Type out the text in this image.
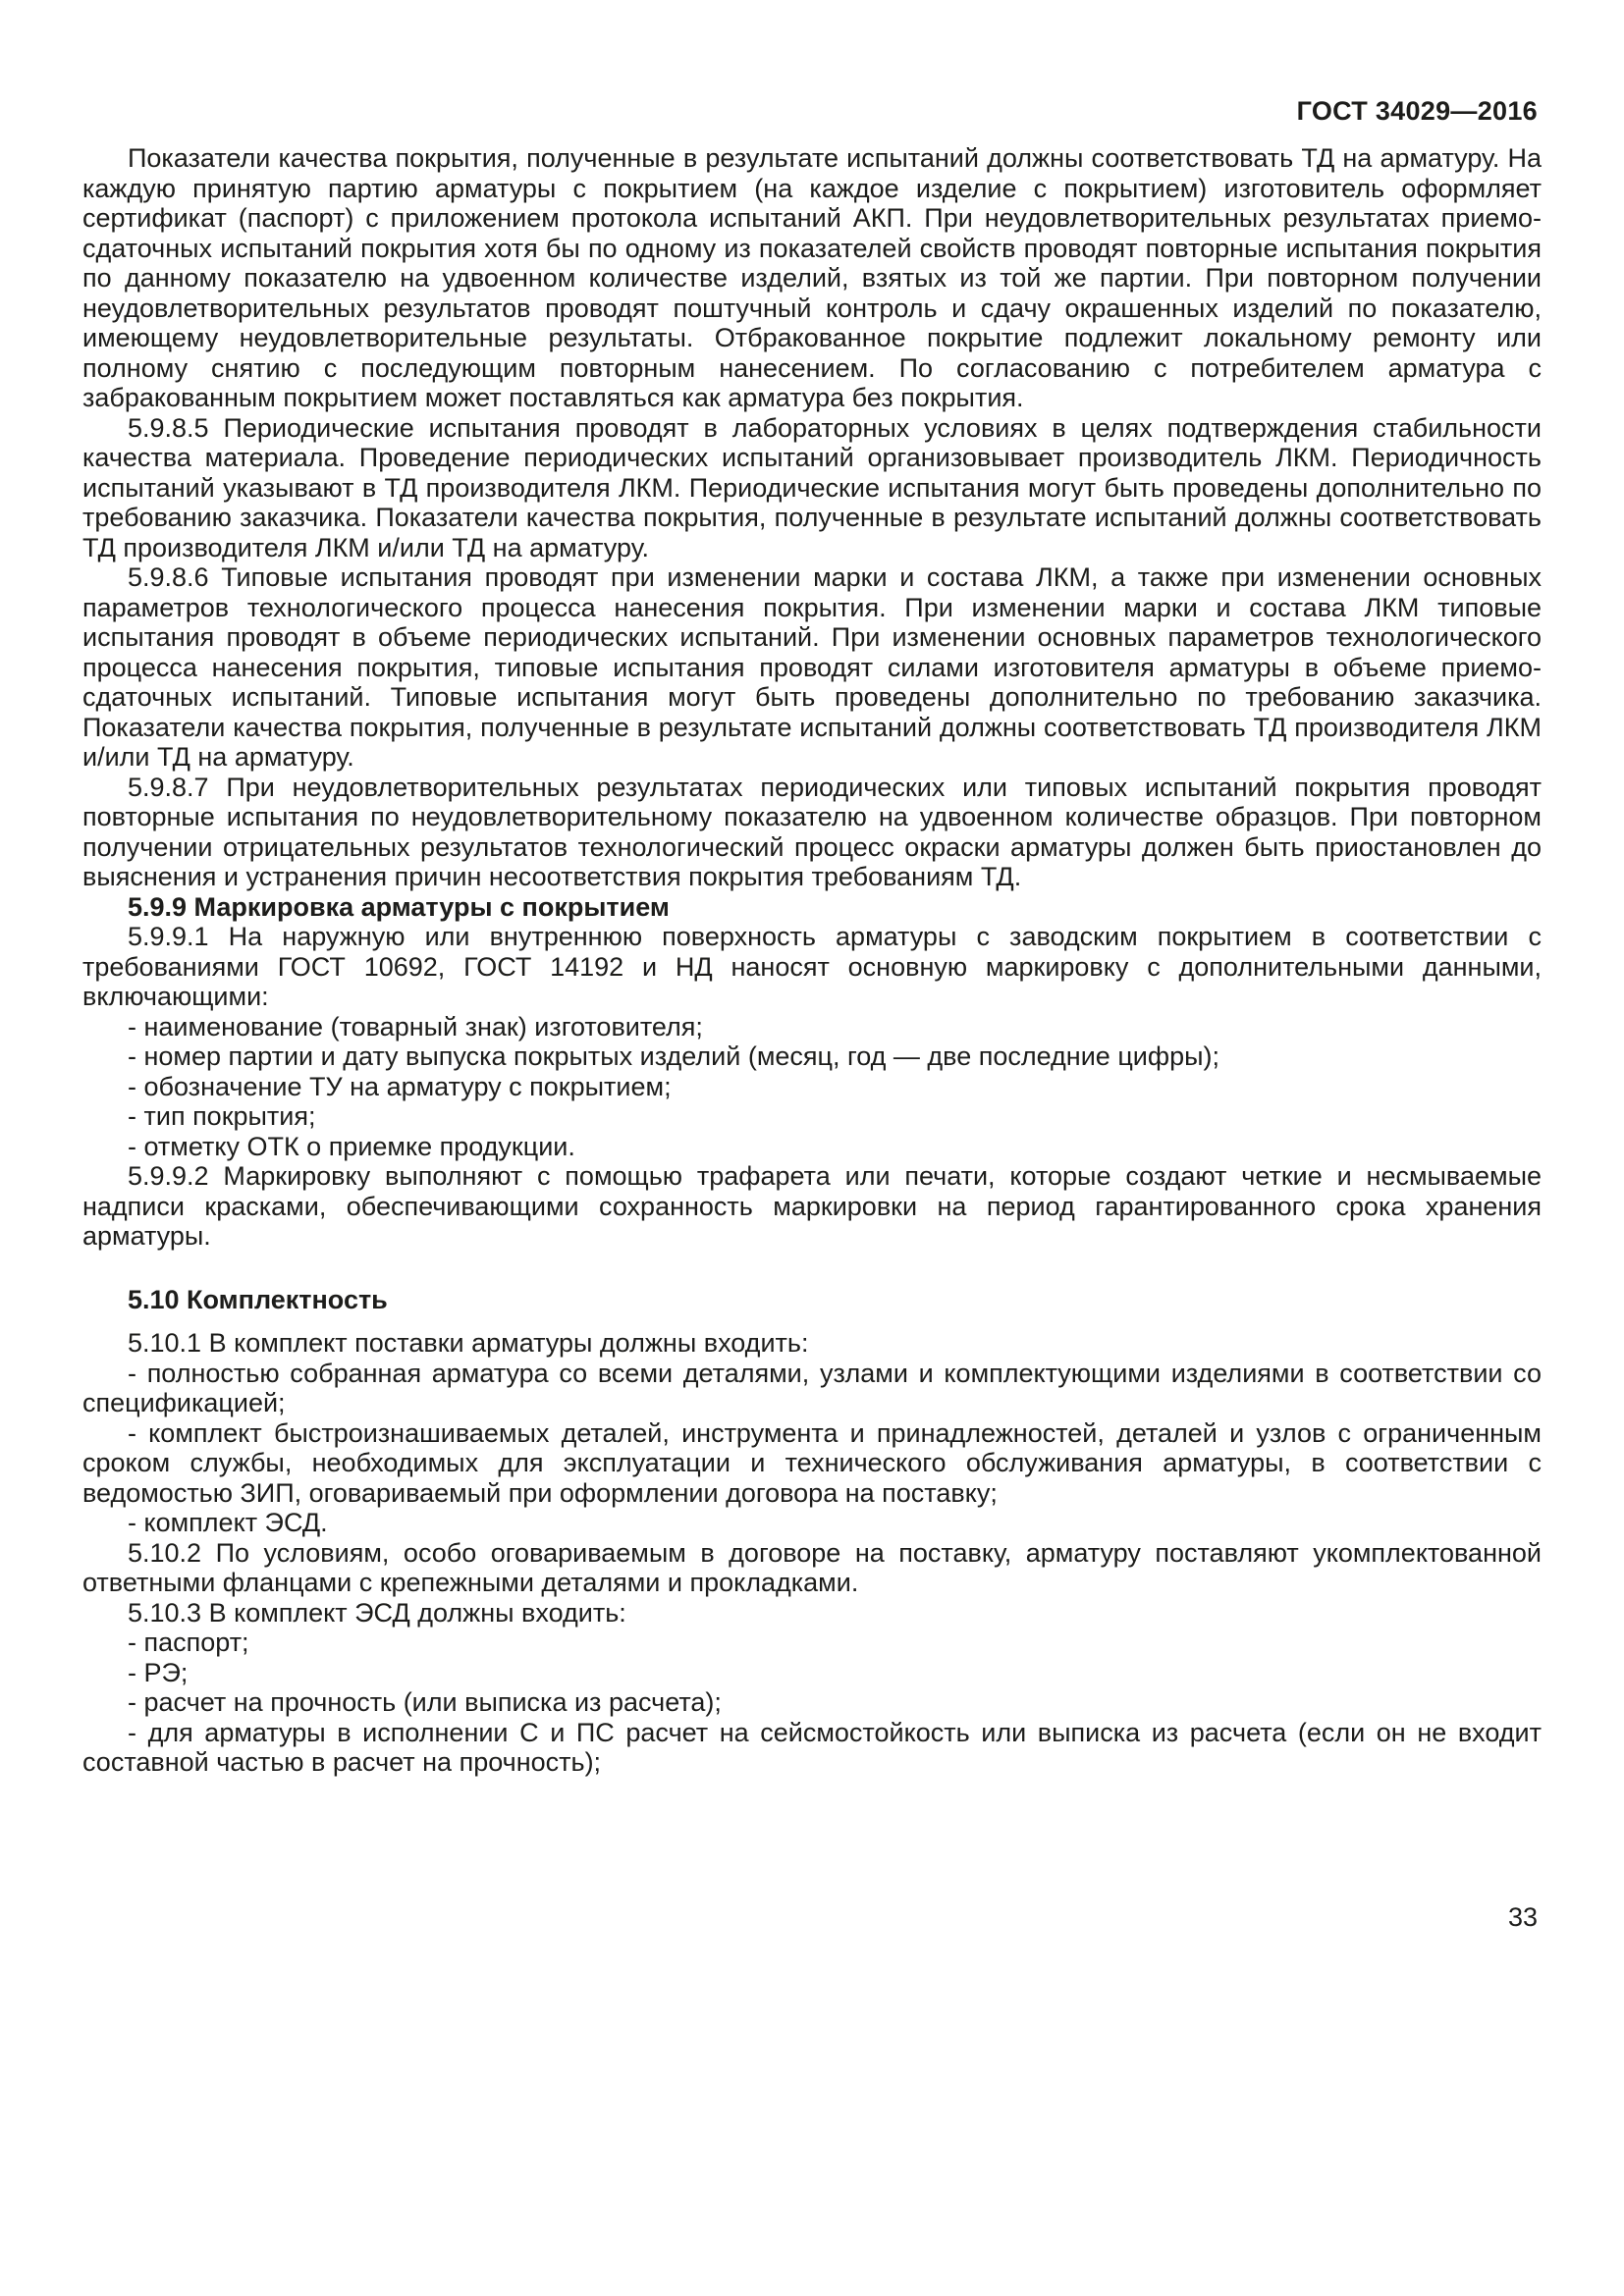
ГОСТ 34029—2016

Показатели качества покрытия, полученные в результате испытаний должны соответствовать ТД на арматуру. На каждую принятую партию арматуры с покрытием (на каждое изделие с покрытием) изготовитель оформляет сертификат (паспорт) с приложением протокола испытаний АКП. При неудовлетворительных результатах приемо-сдаточных испытаний покрытия хотя бы по одному из показателей свойств проводят повторные испытания покрытия по данному показателю на удвоенном количестве изделий, взятых из той же партии. При повторном получении неудовлетворительных результатов проводят поштучный контроль и сдачу окрашенных изделий по показателю, имеющему неудовлетворительные результаты. Отбракованное покрытие подлежит локальному ремонту или полному снятию с последующим повторным нанесением. По согласованию с потребителем арматура с забракованным покрытием может поставляться как арматура без покрытия.

5.9.8.5 Периодические испытания проводят в лабораторных условиях в целях подтверждения стабильности качества материала. Проведение периодических испытаний организовывает производитель ЛКМ. Периодичность испытаний указывают в ТД производителя ЛКМ. Периодические испытания могут быть проведены дополнительно по требованию заказчика. Показатели качества покрытия, полученные в результате испытаний должны соответствовать ТД производителя ЛКМ и/или ТД на арматуру.

5.9.8.6 Типовые испытания проводят при изменении марки и состава ЛКМ, а также при изменении основных параметров технологического процесса нанесения покрытия. При изменении марки и состава ЛКМ типовые испытания проводят в объеме периодических испытаний. При изменении основных параметров технологического процесса нанесения покрытия, типовые испытания проводят силами изготовителя арматуры в объеме приемо-сдаточных испытаний. Типовые испытания могут быть проведены дополнительно по требованию заказчика. Показатели качества покрытия, полученные в результате испытаний должны соответствовать ТД производителя ЛКМ и/или ТД на арматуру.

5.9.8.7 При неудовлетворительных результатах периодических или типовых испытаний покрытия проводят повторные испытания по неудовлетворительному показателю на удвоенном количестве образцов. При повторном получении отрицательных результатов технологический процесс окраски арматуры должен быть приостановлен до выяснения и устранения причин несоответствия покрытия требованиям ТД.

5.9.9 Маркировка арматуры с покрытием

5.9.9.1 На наружную или внутреннюю поверхность арматуры с заводским покрытием в соответствии с требованиями ГОСТ 10692, ГОСТ 14192 и НД наносят основную маркировку с дополнительными данными, включающими:

- наименование (товарный знак) изготовителя;

- номер партии и дату выпуска покрытых изделий (месяц, год — две последние цифры);

- обозначение ТУ на арматуру с покрытием;

- тип покрытия;

- отметку ОТК о приемке продукции.

5.9.9.2 Маркировку выполняют с помощью трафарета или печати, которые создают четкие и несмываемые надписи красками, обеспечивающими сохранность маркировки на период гарантированного срока хранения арматуры.

5.10 Комплектность

5.10.1 В комплект поставки арматуры должны входить:

- полностью собранная арматура со всеми деталями, узлами и комплектующими изделиями в соответствии со спецификацией;

- комплект быстроизнашиваемых деталей, инструмента и принадлежностей, деталей и узлов с ограниченным сроком службы, необходимых для эксплуатации и технического обслуживания арматуры, в соответствии с ведомостью ЗИП, оговариваемый при оформлении договора на поставку;

- комплект ЭСД.

5.10.2 По условиям, особо оговариваемым в договоре на поставку, арматуру поставляют укомплектованной ответными фланцами с крепежными деталями и прокладками.

5.10.3 В комплект ЭСД должны входить:

- паспорт;

- РЭ;

- расчет на прочность (или выписка из расчета);

- для арматуры в исполнении С и ПС расчет на сейсмостойкость или выписка из расчета (если он не входит составной частью в расчет на прочность);

33
